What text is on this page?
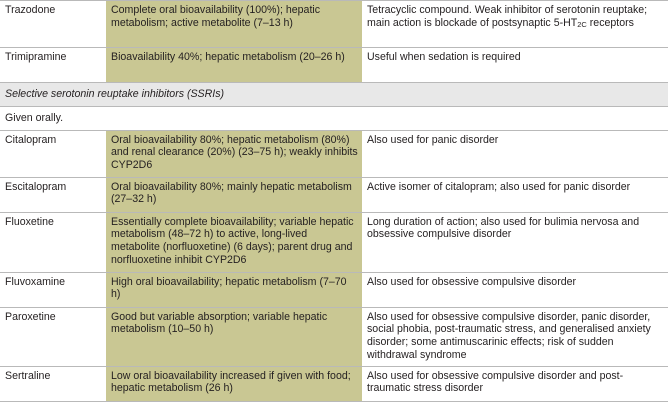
Trazodone	Complete oral bioavailability (100%); hepatic metabolism; active metabolite (7–13 h)	Tetracyclic compound. Weak inhibitor of serotonin reuptake; main action is blockade of postsynaptic $5-HT_{2C}$ receptors
Trimipramine	Bioavailability 40%; hepatic metabolism (20–26 h)	Useful when sedation is required
Selective serotonin reuptake inhibitors (SSRIs)		
Given orally.		
Citalopram	Oral bioavailability 80%; hepatic metabolism (80%) and renal clearance (20%) (23–75 h); weakly inhibits CYP2D6	Also used for panic disorder
Escitalopram	Oral bioavailability 80%; mainly hepatic metabolism (27–32 h)	Active isomer of citalopram; also used for panic disorder
Fluoxetine	Essentially complete bioavailability; variable hepatic metabolism (48–72 h) to active, long-lived metabolite (norfluoxetine) (6 days); parent drug and norfluoxetine inhibit CYP2D6	Long duration of action; also used for bulimia nervosa and obsessive compulsive disorder
Fluvoxamine	High oral bioavailability; hepatic metabolism (7–70 h)	Also used for obsessive compulsive disorder
Paroxetine	Good but variable absorption; variable hepatic metabolism (10–50 h)	Also used for obsessive compulsive disorder, panic disorder, social phobia, post-traumatic stress, and generalised anxiety disorder; some antimuscarinic effects; risk of sudden withdrawal syndrome
Sertraline	Low oral bioavailability increased if given with food; hepatic metabolism (26 h)	Also used for obsessive compulsive disorder and post-traumatic stress disorder
